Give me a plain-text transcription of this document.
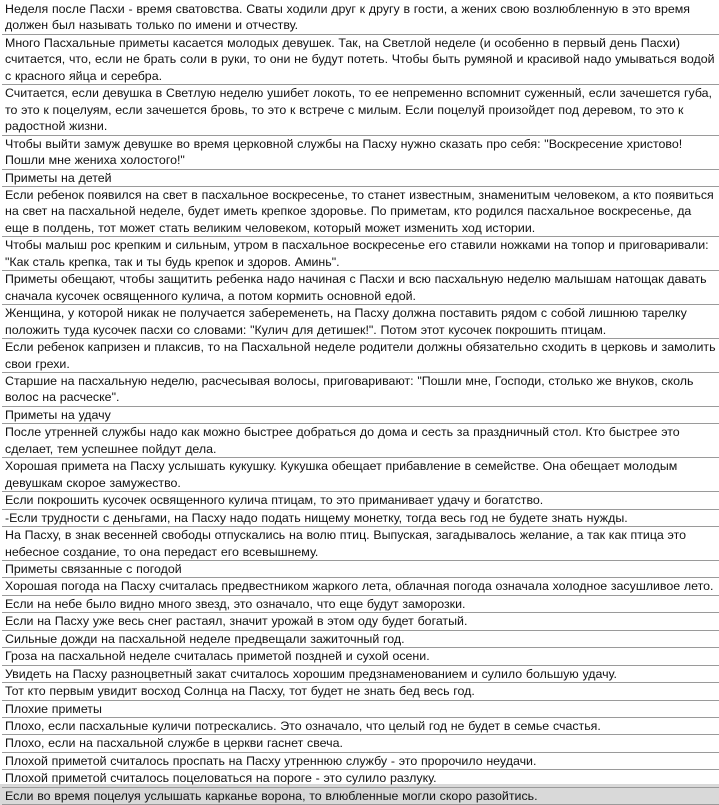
Неделя после Пасхи - время сватовства. Сваты ходили друг к другу в гости, а жених свою возлюбленную в это время должен был называть только по имени и отчеству.

Много Пасхальные приметы касается молодых девушек. Так, на Светлой неделе (и особенно в первый день Пасхи) считается, что, если не брать соли в руки, то они не будут потеть. Чтобы быть румяной и красивой надо умываться водой с красного яйца и серебра.

Считается, если девушка в Светлую неделю ушибет локоть, то ее непременно вспомнит суженный, если зачешется губа, то это к поцелуям, если зачешется бровь, то это к встрече с милым. Если поцелуй произойдет под деревом, то это к радостной жизни.

Чтобы выйти замуж девушке во время церковной службы на Пасху нужно сказать про себя: "Воскресение христово! Пошли мне жениха холостого!"

Приметы на детей

Если ребенок появился на свет в пасхальное воскресенье, то станет известным, знаменитым человеком, а кто появиться на свет на пасхальной неделе, будет иметь крепкое здоровье. По приметам, кто родился пасхальное воскресенье, да еще в полдень, тот может стать великим человеком, который может изменить ход истории.

Чтобы малыш рос крепким и сильным, утром в пасхальное воскресенье его ставили ножками на топор и приговаривали: "Как сталь крепка, так и ты будь крепок и здоров. Аминь".

Приметы обещают, чтобы защитить ребенка надо начиная с Пасхи и всю пасхальную неделю малышам натощак давать сначала кусочек освященного кулича, а потом кормить основной едой.

Женщина, у которой никак не получается забеременеть, на Пасху должна поставить рядом с собой лишнюю тарелку положить туда кусочек пасхи со словами: "Кулич для детишек!". Потом этот кусочек покрошить птицам.

Если ребенок капризен и плаксив, то на Пасхальной неделе родители должны обязательно сходить в церковь и замолить свои грехи.

Старшие на пасхальную неделю, расчесывая волосы, приговаривают: "Пошли мне, Господи, столько же внуков, сколь волос на расческе".

Приметы на удачу

После утренней службы надо как можно быстрее добраться до дома и сесть за праздничный стол. Кто быстрее это сделает, тем успешнее пойдут дела.

Хорошая примета на Пасху услышать кукушку. Кукушка обещает прибавление в семействе. Она обещает молодым девушкам скорое замужество.

Если покрошить кусочек освященного кулича птицам, то это приманивает удачу и богатство.

-Если трудности с деньгами, на Пасху надо подать нищему монетку, тогда весь год не будете знать нужды.

На Пасху, в знак весенней свободы отпускались на волю птиц. Выпуская, загадывалось желание, а так как птица это небесное создание, то она передаст его всевышнему.

Приметы связанные с погодой

Хорошая погода на Пасху считалась предвестником жаркого лета, облачная погода означала холодное засушливое лето.

Если на небе было видно много звезд, это означало, что еще будут заморозки.

Если на Пасху уже весь снег растаял, значит урожай в этом оду будет богатый.

Сильные дожди на пасхальной неделе предвещали зажиточный год.

Гроза на пасхальной неделе считалась приметой поздней и сухой осени.

Увидеть на Пасху разноцветный закат считалось хорошим предзнаменованием и сулило большую удачу.

Тот кто первым увидит восход Солнца на Пасху, тот будет не знать бед весь год.

Плохие приметы

Плохо, если пасхальные куличи потрескались. Это означало, что целый год не будет в семье счастья.

Плохо, если на пасхальной службе в церкви гаснет свеча.

Плохой приметой считалось проспать на Пасху утреннюю службу - это пророчило неудачи.

Плохой приметой считалось поцеловаться на пороге - это сулило разлуку.

Если во время поцелуя услышать карканье ворона, то влюбленные могли скоро разойтись.
